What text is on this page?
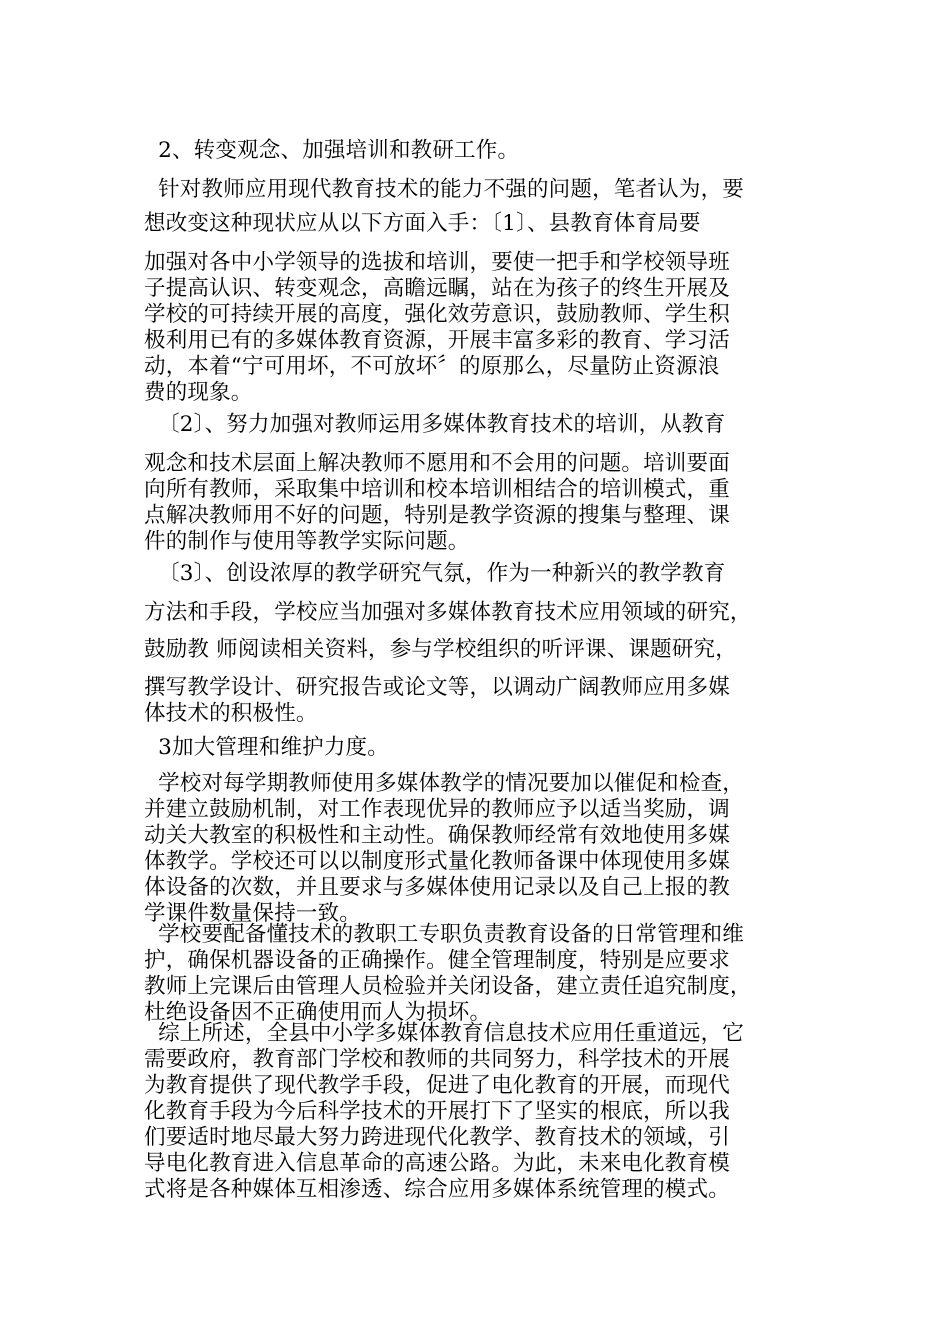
2、转变观念、加强培训和教研工作。
针对教师应用现代教育技术的能力不强的问题，笔者认为，要
想改变这种现状应从以下方面入手：〔1〕、县教育体育局要
加强对各中小学领导的选拔和培训，要使一把手和学校领导班
子提高认识、转变观念，高瞻远瞩，站在为孩子的终生开展及
学校的可持续开展的高度，强化效劳意识，鼓励教师、学生积
极利用已有的多媒体教育资源，开展丰富多彩的教育、学习活
动，本着“宁可用坏，不可放坏〞的原那么，尽量防止资源浪
费的现象。
〔2〕、努力加强对教师运用多媒体教育技术的培训，从教育
观念和技术层面上解决教师不愿用和不会用的问题。培训要面
向所有教师，采取集中培训和校本培训相结合的培训模式，重
点解决教师用不好的问题，特别是教学资源的搜集与整理、课
件的制作与使用等教学实际问题。
〔3〕、创设浓厚的教学研究气氛，作为一种新兴的教学教育
方法和手段，学校应当加强对多媒体教育技术应用领域的研究，
鼓励教 师阅读相关资料，参与学校组织的听评课、课题研究，
撰写教学设计、研究报告或论文等，以调动广阔教师应用多媒
体技术的积极性。
3加大管理和维护力度。
学校对每学期教师使用多媒体教学的情况要加以催促和检查，
并建立鼓励机制，对工作表现优异的教师应予以适当奖励，调
动关大教室的积极性和主动性。确保教师经常有效地使用多媒
体教学。学校还可以以制度形式量化教师备课中体现使用多媒
体设备的次数，并且要求与多媒体使用记录以及自己上报的教
学课件数量保持一致。
学校要配备懂技术的教职工专职负责教育设备的日常管理和维
护，确保机器设备的正确操作。健全管理制度，特别是应要求
教师上完课后由管理人员检验并关闭设备，建立责任追究制度，
杜绝设备因不正确使用而人为损坏。
综上所述，全县中小学多媒体教育信息技术应用任重道远，它
需要政府，教育部门学校和教师的共同努力，科学技术的开展
为教育提供了现代教学手段，促进了电化教育的开展，而现代
化教育手段为今后科学技术的开展打下了坚实的根底，所以我
们要适时地尽最大努力跨进现代化教学、教育技术的领域，引
导电化教育进入信息革命的高速公路。为此，未来电化教育模
式将是各种媒体互相渗透、综合应用多媒体系统管理的模式。
